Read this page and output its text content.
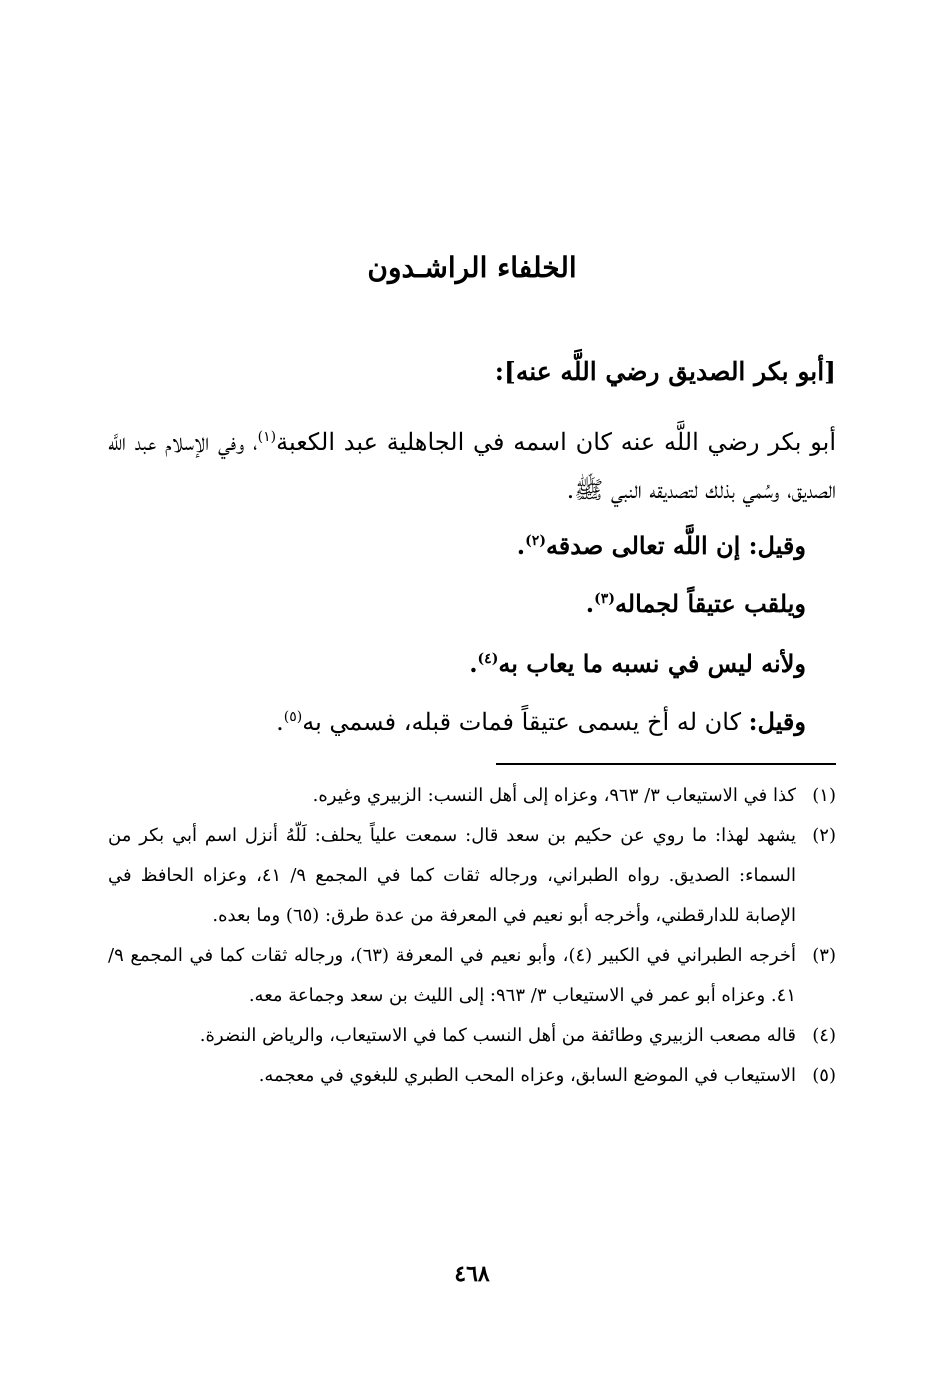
الخلفاء الراشـدون
[أبو بكر الصديق رضي اللَّه عنه]:
أبو بكر رضي اللَّه عنه كان اسمه في الجاهلية عبد الكعبة$^{(١)}$، وفي الإسلام عبد اللَّه الصديق، وسُمي بذلك لتصديقه النبي ﷺ.
وقيل: إن اللَّه تعالى صدقه$^{(٢)}$.
ويلقب عتيقاً لجماله$^{(٣)}$.
ولأنه ليس في نسبه ما يعاب به$^{(٤)}$.
وقيل: كان له أخ يسمى عتيقاً فمات قبله، فسمي به$^{(٥)}$.
(١)
كذا في الاستيعاب ٣/ ٩٦٣، وعزاه إلى أهل النسب: الزبيري وغيره.
(٢)
يشهد لهذا: ما روي عن حكيم بن سعد قال: سمعت علياً يحلف: لَلّهُ أنزل اسم أبي بكر من السماء: الصديق. رواه الطبراني، ورجاله ثقات كما في المجمع ٩/ ٤١، وعزاه الحافظ في الإصابة للدارقطني، وأخرجه أبو نعيم في المعرفة من عدة طرق: (٦٥) وما بعده.
(٣)
أخرجه الطبراني في الكبير (٤)، وأبو نعيم في المعرفة (٦٣)، ورجاله ثقات كما في المجمع ٩/ ٤١. وعزاه أبو عمر في الاستيعاب ٣/ ٩٦٣: إلى الليث بن سعد وجماعة معه.
(٤)
قاله مصعب الزبيري وطائفة من أهل النسب كما في الاستيعاب، والرياض النضرة.
(٥)
الاستيعاب في الموضع السابق، وعزاه المحب الطبري للبغوي في معجمه.
٤٦٨
